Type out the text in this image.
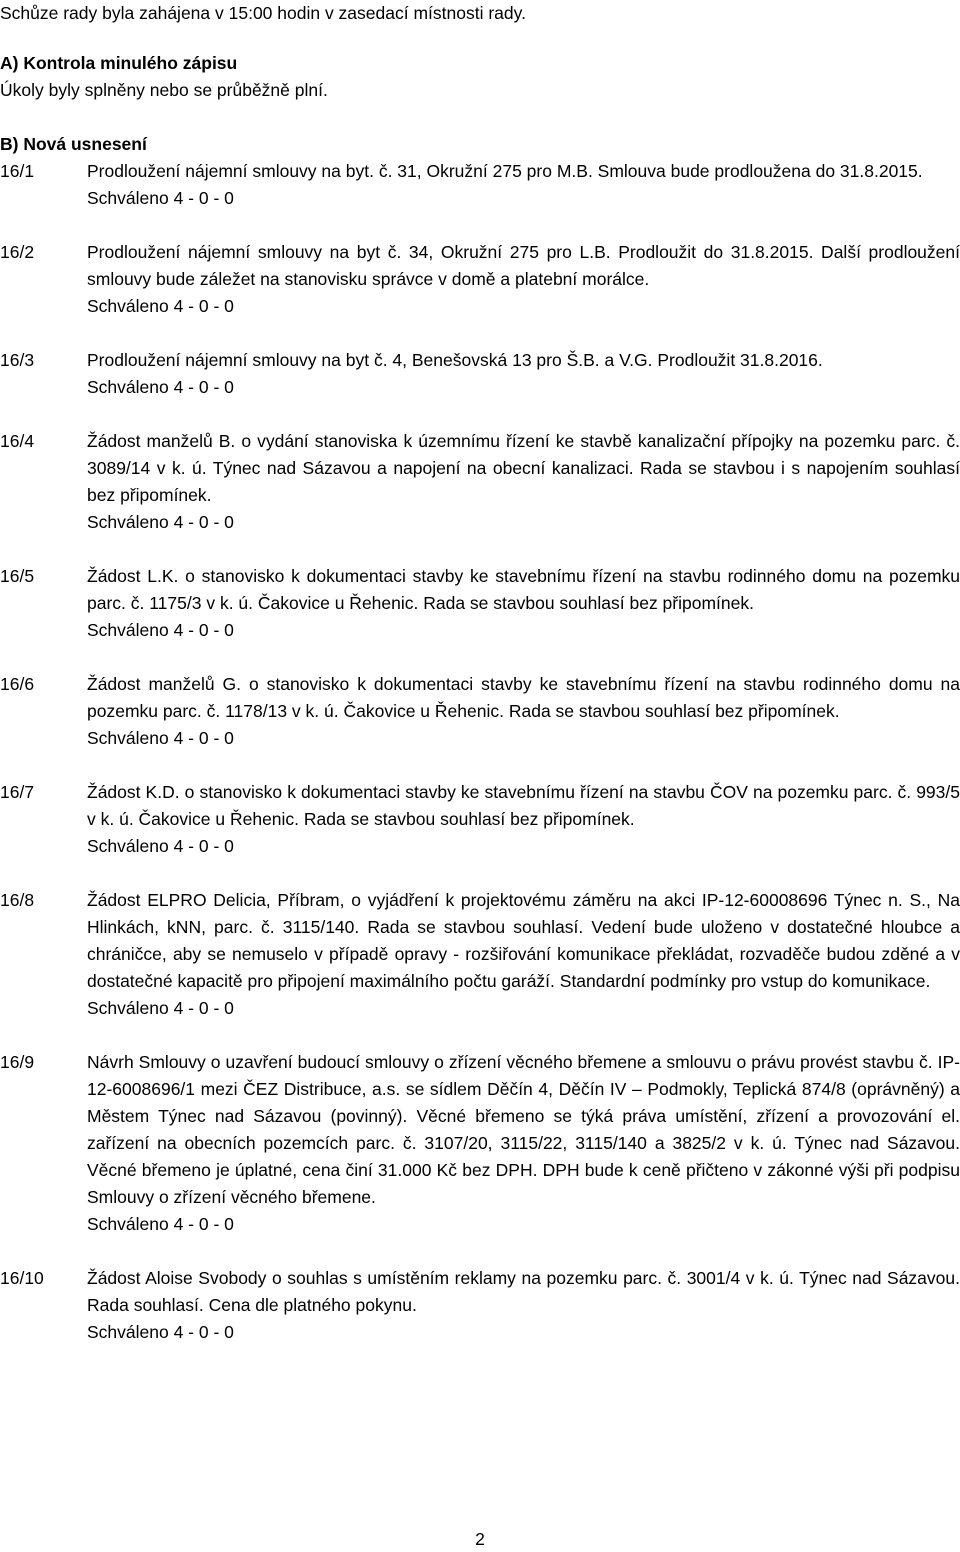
Schůze rady byla zahájena v 15:00 hodin v zasedací místnosti rady.
A) Kontrola minulého zápisu
Úkoly byly splněny nebo se průběžně plní.
B) Nová usnesení
16/1	Prodloužení nájemní smlouvy na byt. č. 31, Okružní 275 pro M.B. Smlouva bude prodloužena do 31.8.2015.

Schváleno 4 - 0 - 0

16/2	Prodloužení nájemní smlouvy na byt č. 34, Okružní 275 pro L.B. Prodloužit do 31.8.2015. Další prodloužení smlouvy bude záležet na stanovisku správce v domě a platební morálce.

Schváleno 4 - 0 - 0

16/3	Prodloužení nájemní smlouvy na byt č. 4, Benešovská 13 pro Š.B. a V.G. Prodloužit 31.8.2016.

Schváleno 4 - 0 - 0

16/4	Žádost manželů B. o vydání stanoviska k územnímu řízení ke stavbě kanalizační přípojky na pozemku parc. č. 3089/14 v k. ú. Týnec nad Sázavou a napojení na obecní kanalizaci. Rada se stavbou i s napojením souhlasí bez připomínek.

Schváleno 4 - 0 - 0

16/5	Žádost L.K. o stanovisko k dokumentaci stavby ke stavebnímu řízení na stavbu rodinného domu na pozemku parc. č. 1175/3 v k. ú. Čakovice u Řehenic. Rada se stavbou souhlasí bez připomínek.

Schváleno 4 - 0 - 0

16/6	Žádost manželů G. o stanovisko k dokumentaci stavby ke stavebnímu řízení na stavbu rodinného domu na pozemku parc. č. 1178/13 v k. ú. Čakovice u Řehenic. Rada se stavbou souhlasí bez připomínek.

Schváleno 4 - 0 - 0

16/7	Žádost K.D. o stanovisko k dokumentaci stavby ke stavebnímu řízení na stavbu ČOV na pozemku parc. č. 993/5 v k. ú. Čakovice u Řehenic. Rada se stavbou souhlasí bez připomínek.

Schváleno 4 - 0 - 0

16/8	Žádost ELPRO Delicia, Příbram, o vyjádření k projektovému záměru na akci IP-12-60008696 Týnec n. S., Na Hlinkách, kNN, parc. č. 3115/140. Rada se stavbou souhlasí. Vedení bude uloženo v dostatečné hloubce a chráničce, aby se nemuselo v případě opravy - rozšiřování komunikace překládat, rozvaděče budou zděné a v dostatečné kapacitě pro připojení maximálního počtu garáží. Standardní podmínky pro vstup do komunikace.

Schváleno 4 - 0 - 0

16/9	Návrh Smlouvy o uzavření budoucí smlouvy o zřízení věcného břemene a smlouvu o právu provést stavbu č. IP-12-6008696/1 mezi ČEZ Distribuce, a.s. se sídlem Děčín 4, Děčín IV – Podmokly, Teplická 874/8 (oprávněný) a Městem Týnec nad Sázavou (povinný). Věcné břemeno se týká práva umístění, zřízení a provozování el. zařízení na obecních pozemcích parc. č. 3107/20, 3115/22, 3115/140 a 3825/2 v k. ú. Týnec nad Sázavou. Věcné břemeno je úplatné, cena činí 31.000 Kč bez DPH. DPH bude k ceně přičteno v zákonné výši při podpisu Smlouvy o zřízení věcného břemene.

Schváleno 4 - 0 - 0

16/10	Žádost Aloise Svobody o souhlas s umístěním reklamy na pozemku parc. č. 3001/4 v k. ú. Týnec nad Sázavou. Rada souhlasí. Cena dle platného pokynu.

Schváleno 4 - 0 - 0

2
